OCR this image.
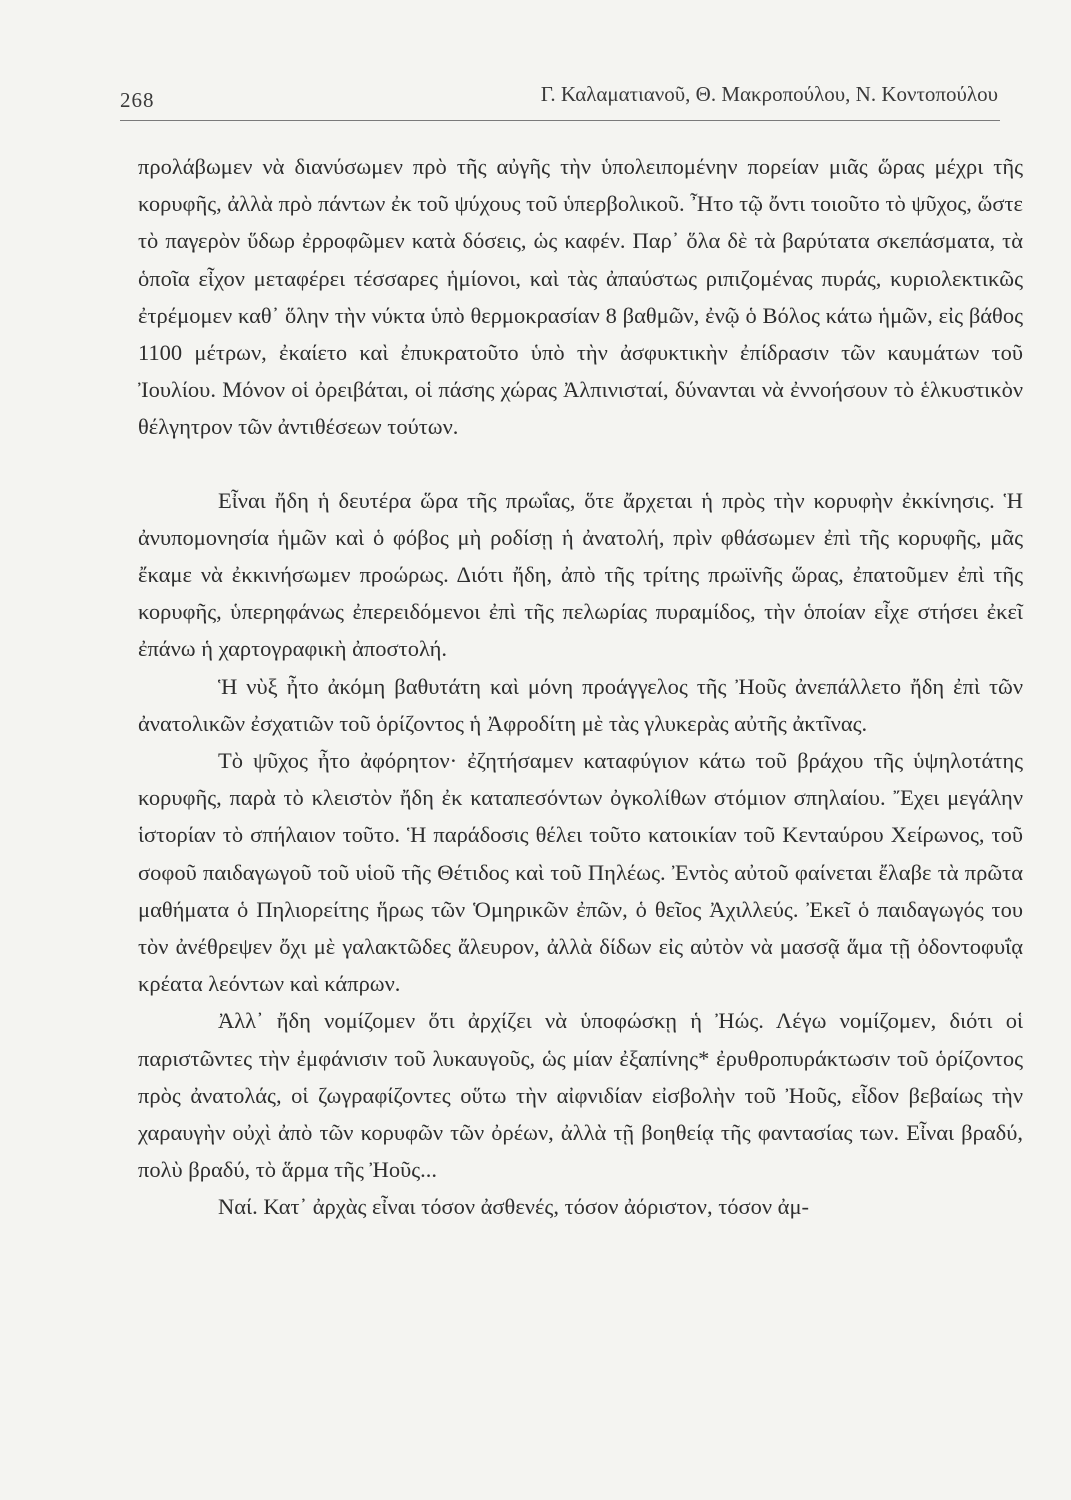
268	Γ. Καλαματιανοῦ, Θ. Μακροπούλου, Ν. Κοντοπούλου

προλάβωμεν νὰ διανύσωμεν πρὸ τῆς αὐγῆς τὴν ὑπολειπομένην πορείαν μιᾶς ὥρας μέχρι τῆς κορυφῆς, ἀλλὰ πρὸ πάντων ἐκ τοῦ ψύχους τοῦ ὑπερβολικοῦ. Ἦτο τῷ ὄντι τοιοῦτο τὸ ψῦχος, ὥστε τὸ παγερὸν ὕδωρ ἐρροφῶμεν κατὰ δόσεις, ὡς καφέν. Παρ᾽ ὅλα δὲ τὰ βαρύτατα σκεπάσματα, τὰ ὁποῖα εἶχον μεταφέρει τέσσαρες ἡμίονοι, καὶ τὰς ἀπαύστως ριπιζομένας πυράς, κυριολεκτικῶς ἐτρέμομεν καθ᾽ ὅλην τὴν νύκτα ὑπὸ θερμοκρασίαν 8 βαθμῶν, ἐνῷ ὁ Βόλος κάτω ἡμῶν, εἰς βάθος 1100 μέτρων, ἐκαίετο καὶ ἐπυκρατοῦτο ὑπὸ τὴν ἀσφυκτικὴν ἐπίδρασιν τῶν καυμάτων τοῦ Ἰουλίου. Μόνον οἱ ὀρειβάται, οἱ πάσης χώρας Ἀλπινισταί, δύνανται νὰ ἐννοήσουν τὸ ἑλκυστικὸν θέλγητρον τῶν ἀντιθέσεων τούτων.

Εἶναι ἤδη ἡ δευτέρα ὥρα τῆς πρωΐας, ὅτε ἄρχεται ἡ πρὸς τὴν κορυφὴν ἐκκίνησις. Ἡ ἀνυπομονησία ἡμῶν καὶ ὁ φόβος μὴ ροδίσῃ ἡ ἀνατολή, πρὶν φθάσωμεν ἐπὶ τῆς κορυφῆς, μᾶς ἔκαμε νὰ ἐκκινήσωμεν προώρως. Διότι ἤδη, ἀπὸ τῆς τρίτης πρωϊνῆς ὥρας, ἐπατοῦμεν ἐπὶ τῆς κορυφῆς, ὑπερηφάνως ἐπερειδόμενοι ἐπὶ τῆς πελωρίας πυραμίδος, τὴν ὁποίαν εἶχε στήσει ἐκεῖ ἐπάνω ἡ χαρτογραφικὴ ἀποστολή.

Ἡ νὺξ ἦτο ἀκόμη βαθυτάτη καὶ μόνη προάγγελος τῆς Ἠοῦς ἀνεπάλλετο ἤδη ἐπὶ τῶν ἀνατολικῶν ἐσχατιῶν τοῦ ὁρίζοντος ἡ Ἀφροδίτη μὲ τὰς γλυκερὰς αὐτῆς ἀκτῖνας.

Τὸ ψῦχος ἦτο ἀφόρητον· ἐζητήσαμεν καταφύγιον κάτω τοῦ βράχου τῆς ὑψηλοτάτης κορυφῆς, παρὰ τὸ κλειστὸν ἤδη ἐκ καταπεσόντων ὀγκολίθων στόμιον σπηλαίου. Ἔχει μεγάλην ἱστορίαν τὸ σπήλαιον τοῦτο. Ἡ παράδοσις θέλει τοῦτο κατοικίαν τοῦ Κενταύρου Χείρωνος, τοῦ σοφοῦ παιδαγωγοῦ τοῦ υἱοῦ τῆς Θέτιδος καὶ τοῦ Πηλέως. Ἐντὸς αὐτοῦ φαίνεται ἔλαβε τὰ πρῶτα μαθήματα ὁ Πηλιορείτης ἥρως τῶν Ὁμηρικῶν ἐπῶν, ὁ θεῖος Ἀχιλλεύς. Ἐκεῖ ὁ παιδαγωγός του τὸν ἀνέθρεψεν ὄχι μὲ γαλακτῶδες ἄλευρον, ἀλλὰ δίδων εἰς αὐτὸν νὰ μασσᾷ ἅμα τῇ ὀδοντοφυΐᾳ κρέατα λεόντων καὶ κάπρων.

Ἀλλ᾽ ἤδη νομίζομεν ὅτι ἀρχίζει νὰ ὑποφώσκῃ ἡ Ἠώς. Λέγω νομίζομεν, διότι οἱ παριστῶντες τὴν ἐμφάνισιν τοῦ λυκαυγοῦς, ὡς μίαν ἐξαπίνης* ἐρυθροπυράκτωσιν τοῦ ὁρίζοντος πρὸς ἀνατολάς, οἱ ζωγραφίζοντες οὕτω τὴν αἰφνιδίαν εἰσβολὴν τοῦ Ἠοῦς, εἶδον βεβαίως τὴν χαραυγὴν οὐχὶ ἀπὸ τῶν κορυφῶν τῶν ὀρέων, ἀλλὰ τῇ βοηθείᾳ τῆς φαντασίας των. Εἶναι βραδύ, πολὺ βραδύ, τὸ ἅρμα τῆς Ἠοῦς...

Ναί. Κατ᾽ ἀρχὰς εἶναι τόσον ἀσθενές, τόσον ἀόριστον, τόσον ἀμ-
